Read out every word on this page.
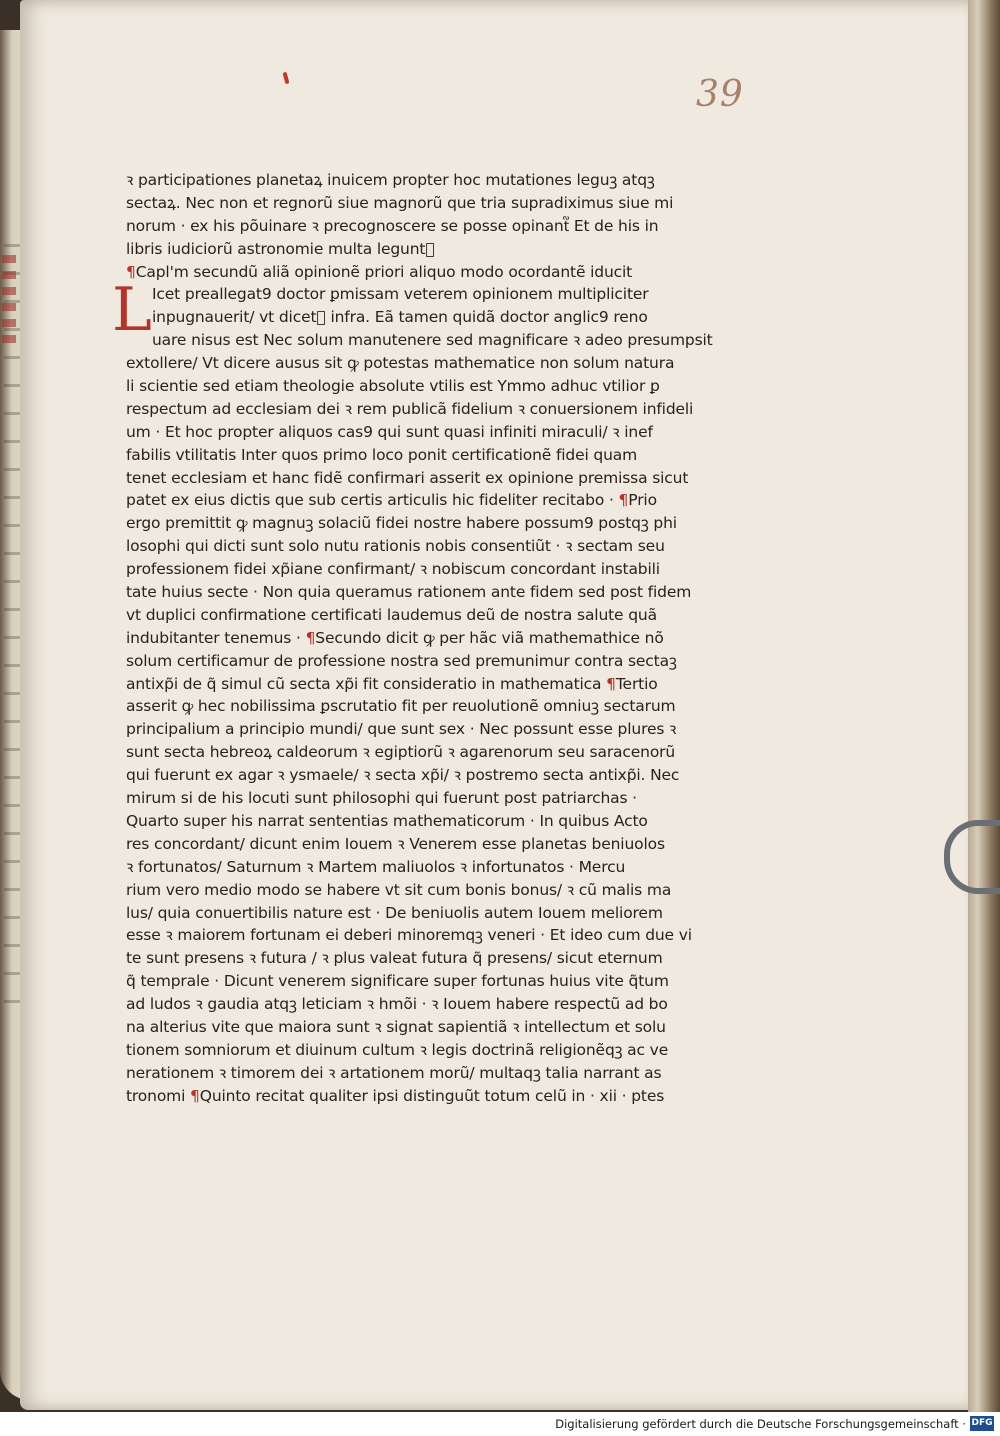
39
ꝛ participationes planetaꝝ inuicem propter hoc mutationes leguꝫ atqꝫ
sectaꝝ. Nec non et regnorũ siue magnorũ que tria supradiximus siue mi
norum · ex his põuinare ꝛ precognoscere se posse opinant᷑ Et de his in
libris iudiciorũ astronomie multa legunt᷑
¶Capl'm secundũ aliã opinionẽ priori aliquo modo ocordantẽ iducit
L Icet preallegat9 doctor ꝑmissam veterem opinionem multipliciter
inpugnauerit/ vt dicet᷑ infra. Eã tamen quidã doctor anglic9 reno
uare nisus est Nec solum manutenere sed magnificare ꝛ adeo presumpsit
extollere/ Vt dicere ausus sit ꝙ potestas mathematice non solum natura
li scientie sed etiam theologie absolute vtilis est Ymmo adhuc vtilior ꝑ
respectum ad ecclesiam dei ꝛ rem publicã fidelium ꝛ conuersionem infideli
um · Et hoc propter aliquos cas9 qui sunt quasi infiniti miraculi/ ꝛ inef
fabilis vtilitatis Inter quos primo loco ponit certificationẽ fidei quam
tenet ecclesiam et hanc fidẽ confirmari asserit ex opinione premissa sicut
patet ex eius dictis que sub certis articulis hic fideliter recitabo · ¶Prio
ergo premittit ꝙ magnuꝫ solaciũ fidei nostre habere possum9 postqꝫ phi
losophi qui dicti sunt solo nutu rationis nobis consentiũt · ꝛ sectam seu
professionem fidei xp̃iane confirmant/ ꝛ nobiscum concordant instabili
tate huius secte · Non quia queramus rationem ante fidem sed post fidem
vt duplici confirmatione certificati laudemus deũ de nostra salute quã
indubitanter tenemus · ¶Secundo dicit ꝙ per hãc viã mathemathice nõ
solum certificamur de professione nostra sed premunimur contra sectaꝫ
antixp̃i de q̃ simul cũ secta xp̃i fit consideratio in mathematica ¶Tertio
asserit ꝙ hec nobilissima ꝑscrutatio fit per reuolutionẽ omniuꝫ sectarum
principalium a principio mundi/ que sunt sex · Nec possunt esse plures ꝛ
sunt secta hebreoꝝ caldeorum ꝛ egiptiorũ ꝛ agarenorum seu saracenorũ
qui fuerunt ex agar ꝛ ysmaele/ ꝛ secta xp̃i/ ꝛ postremo secta antixp̃i. Nec
mirum si de his locuti sunt philosophi qui fuerunt post patriarchas ·
Quarto super his narrat sententias mathematicorum · In quibus Acto
res concordant/ dicunt enim Iouem ꝛ Venerem esse planetas beniuolos
ꝛ fortunatos/ Saturnum ꝛ Martem maliuolos ꝛ infortunatos · Mercu
rium vero medio modo se habere vt sit cum bonis bonus/ ꝛ cũ malis ma
lus/ quia conuertibilis nature est · De beniuolis autem Iouem meliorem
esse ꝛ maiorem fortunam ei deberi minoremqꝫ veneri · Et ideo cum due vi
te sunt presens ꝛ futura / ꝛ plus valeat futura q̃ presens/ sicut eternum
q̃ temprale · Dicunt venerem significare super fortunas huius vite q̃tum
ad ludos ꝛ gaudia atqꝫ leticiam ꝛ hmõi · ꝛ Iouem habere respectũ ad bo
na alterius vite que maiora sunt ꝛ signat sapientiã ꝛ intellectum et solu
tionem somniorum et diuinum cultum ꝛ legis doctrinã religionẽqꝫ ac ve
nerationem ꝛ timorem dei ꝛ artationem morũ/ multaqꝫ talia narrant as
tronomi ¶Quinto recitat qualiter ipsi distinguũt totum celũ in · xii · ptes
Digitalisierung gefördert durch die Deutsche Forschungsgemeinschaft · DFG
